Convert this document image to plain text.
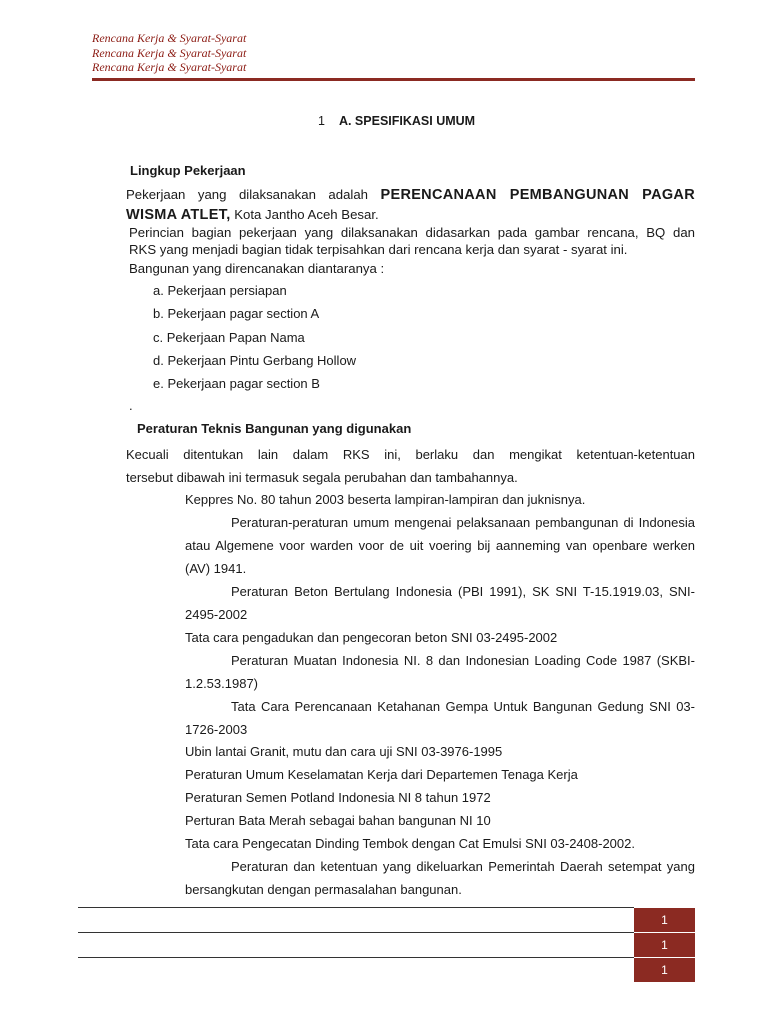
Rencana Kerja & Syarat-Syarat
Rencana Kerja & Syarat-Syarat
Rencana Kerja & Syarat-Syarat
1 A. SPESIFIKASI UMUM
Lingkup Pekerjaan
Pekerjaan yang dilaksanakan adalah PERENCANAAN PEMBANGUNAN PAGAR
WISMA ATLET, Kota Jantho Aceh Besar.
Perincian bagian pekerjaan yang dilaksanakan didasarkan pada gambar rencana, BQ dan
RKS yang menjadi bagian tidak terpisahkan dari rencana kerja dan syarat - syarat ini.
Bangunan yang direncanakan diantaranya :
a. Pekerjaan persiapan
b. Pekerjaan pagar section A
c. Pekerjaan Papan Nama
d. Pekerjaan Pintu Gerbang Hollow
e. Pekerjaan pagar section B
.
Peraturan Teknis Bangunan yang digunakan
Kecuali ditentukan lain dalam RKS ini, berlaku dan mengikat ketentuan-ketentuan
tersebut dibawah ini termasuk segala perubahan dan tambahannya.
Keppres No. 80 tahun 2003 beserta lampiran-lampiran dan juknisnya.
Peraturan-peraturan umum mengenai pelaksanaan pembangunan di Indonesia atau Algemene voor warden voor de uit voering bij aanneming van openbare werken (AV) 1941.
Peraturan Beton Bertulang Indonesia (PBI 1991), SK SNI T-15.1919.03, SNI- 2495-2002
Tata cara pengadukan dan pengecoran beton SNI 03-2495-2002
Peraturan Muatan Indonesia NI. 8 dan Indonesian Loading Code 1987 (SKBI-1.2.53.1987)
Tata Cara Perencanaan Ketahanan Gempa Untuk Bangunan Gedung SNI 03-1726-2003
Ubin lantai Granit, mutu dan cara uji SNI 03-3976-1995
Peraturan Umum Keselamatan Kerja dari Departemen Tenaga Kerja
Peraturan Semen Potland Indonesia NI 8 tahun 1972
Perturan Bata Merah sebagai bahan bangunan NI 10
Tata cara Pengecatan Dinding Tembok dengan Cat Emulsi SNI 03-2408-2002.
Peraturan dan ketentuan yang dikeluarkan Pemerintah Daerah setempat yang bersangkutan dengan permasalahan bangunan.
1
1
1
